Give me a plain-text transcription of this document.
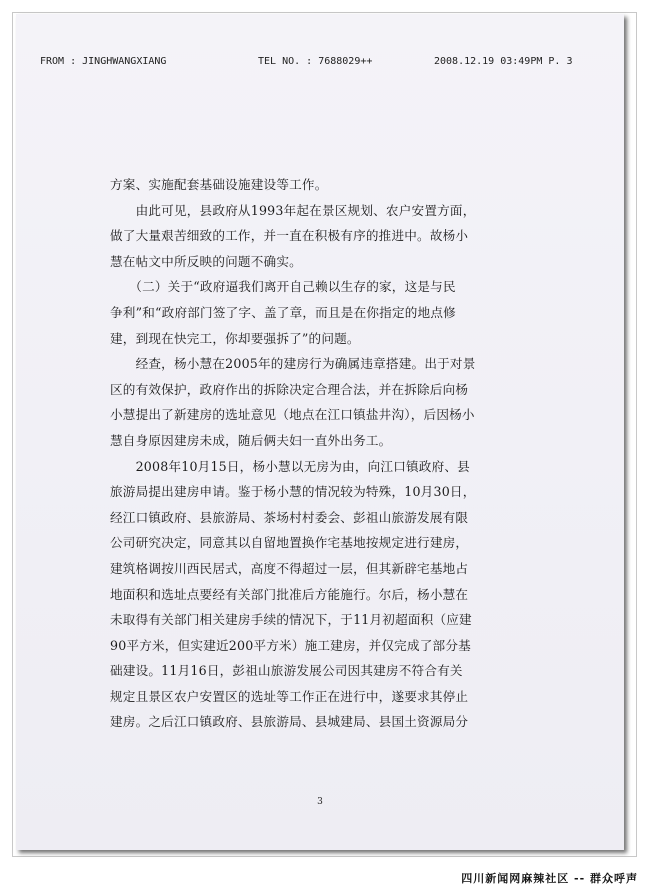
FROM : JINGHWANGXIANG	TEL NO. : 7688029++	2008.12.19 03:49PM P. 3
方案、实施配套基础设施建设等工作。
　　由此可见，县政府从1993年起在景区规划、农户安置方面，
做了大量艰苦细致的工作，并一直在积极有序的推进中。故杨小
慧在帖文中所反映的问题不确实。
　　（二）关于“政府逼我们离开自己赖以生存的家，这是与民
争利”和“政府部门签了字、盖了章，而且是在你指定的地点修
建，到现在快完工，你却要强拆了”的问题。
　　经查，杨小慧在2005年的建房行为确属违章搭建。出于对景
区的有效保护，政府作出的拆除决定合理合法，并在拆除后向杨
小慧提出了新建房的选址意见（地点在江口镇盐井沟），后因杨小
慧自身原因建房未成，随后俩夫妇一直外出务工。
　　2008年10月15日，杨小慧以无房为由，向江口镇政府、县
旅游局提出建房申请。鉴于杨小慧的情况较为特殊，10月30日，
经江口镇政府、县旅游局、茶场村村委会、彭祖山旅游发展有限
公司研究决定，同意其以自留地置换作宅基地按规定进行建房，
建筑格调按川西民居式，高度不得超过一层，但其新辟宅基地占
地面积和选址点要经有关部门批准后方能施行。尔后，杨小慧在
未取得有关部门相关建房手续的情况下，于11月初超面积（应建
90平方米，但实建近200平方米）施工建房，并仅完成了部分基
础建设。11月16日，彭祖山旅游发展公司因其建房不符合有关
规定且景区农户安置区的选址等工作正在进行中，遂要求其停止
建房。之后江口镇政府、县旅游局、县城建局、县国土资源局分
3
四川新闻网麻辣社区 -- 群众呼声
